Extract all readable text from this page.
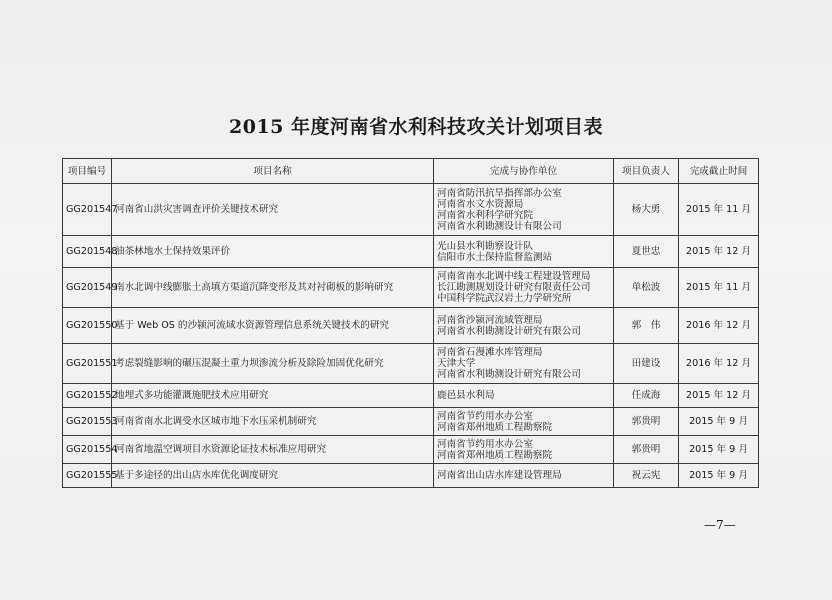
2015 年度河南省水利科技攻关计划项目表
项目编号	项目名称	完成与协作单位	项目负责人	完成截止时间
GG201547	河南省山洪灾害调查评价关键技术研究	河南省防汛抗旱指挥部办公室
河南省水文水资源局
河南省水利科学研究院
河南省水利勘测设计有限公司	杨大勇	2015 年 11 月
GG201548	油茶林地水土保持效果评价	光山县水利勘察设计队
信阳市水土保持监督监测站	夏世忠	2015 年 12 月
GG201549	南水北调中线膨胀土高填方渠道沉降变形及其对衬砌板的影响研究	河南省南水北调中线工程建设管理局
长江勘测规划设计研究有限责任公司
中国科学院武汉岩土力学研究所	单松波	2015 年 11 月
GG201550	基于 Web OS 的沙颍河流域水资源管理信息系统关键技术的研究	河南省沙颍河流域管理局
河南省水利勘测设计研究有限公司	郭　伟	2016 年 12 月
GG201551	考虑裂缝影响的碾压混凝土重力坝渗流分析及除险加固优化研究	河南省石漫滩水库管理局
天津大学
河南省水利勘测设计研究有限公司	田建设	2016 年 12 月
GG201552	地埋式多功能灌溉施肥技术应用研究	鹿邑县水利局	任成海	2015 年 12 月
GG201553	河南省南水北调受水区城市地下水压采机制研究	河南省节约用水办公室
河南省郑州地质工程勘察院	郭贵明	2015 年 9 月
GG201554	河南省地温空调项目水资源论证技术标准应用研究	河南省节约用水办公室
河南省郑州地质工程勘察院	郭贵明	2015 年 9 月
GG201555	基于多途径的出山店水库优化调度研究	河南省出山店水库建设管理局	祝云宪	2015 年 9 月
—7—
